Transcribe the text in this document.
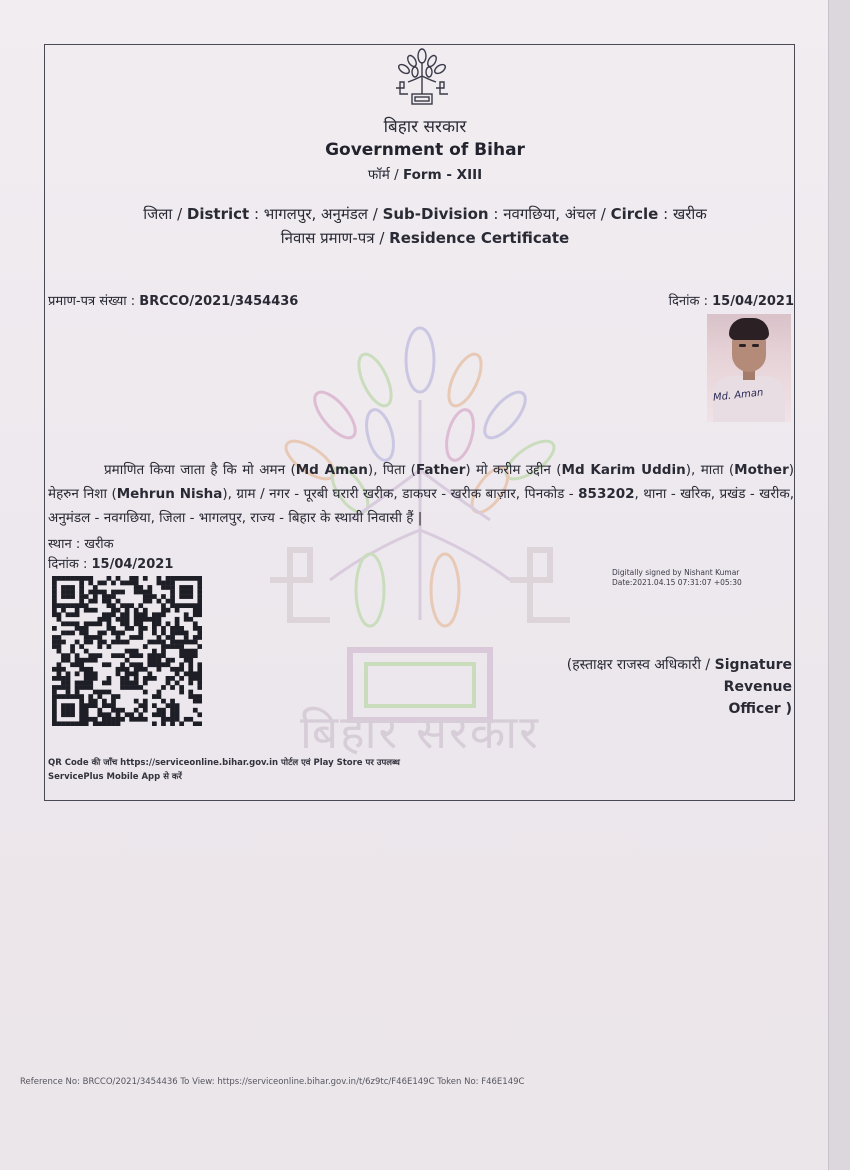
बिहार सरकार
बिहार सरकार
Government of Bihar
फॉर्म / Form - XIII
जिला / District : भागलपुर, अनुमंडल / Sub-Division : नवगछिया, अंचल / Circle : खरीक
निवास प्रमाण-पत्र / Residence Certificate
प्रमाण-पत्र संख्या : BRCCO/2021/3454436	दिनांक : 15/04/2021
Md. Aman
प्रमाणित किया जाता है कि मो अमन (Md Aman), पिता (Father) मो करीम उद्दीन (Md Karim Uddin), माता (Mother) मेहरुन निशा (Mehrun Nisha), ग्राम / नगर - पूरबी घरारी खरीक, डाकघर - खरीक बाज़ार, पिनकोड - 853202, थाना - खरिक, प्रखंड - खरीक, अनुमंडल - नवगछिया, जिला - भागलपुर, राज्य - बिहार के स्थायी निवासी हैं |
स्थान : खरीक
दिनांक : 15/04/2021
Digitally signed by Nishant Kumar
Date:2021.04.15 07:31:07 +05:30
(हस्ताक्षर राजस्व अधिकारी / Signature Revenue
Officer )
QR Code की जाँच https://serviceonline.bihar.gov.in पोर्टल एवं Play Store पर उपलब्ध
ServicePlus Mobile App से करें
Reference No: BRCCO/2021/3454436 To View: https://serviceonline.bihar.gov.in/t/6z9tc/F46E149C Token No: F46E149C
